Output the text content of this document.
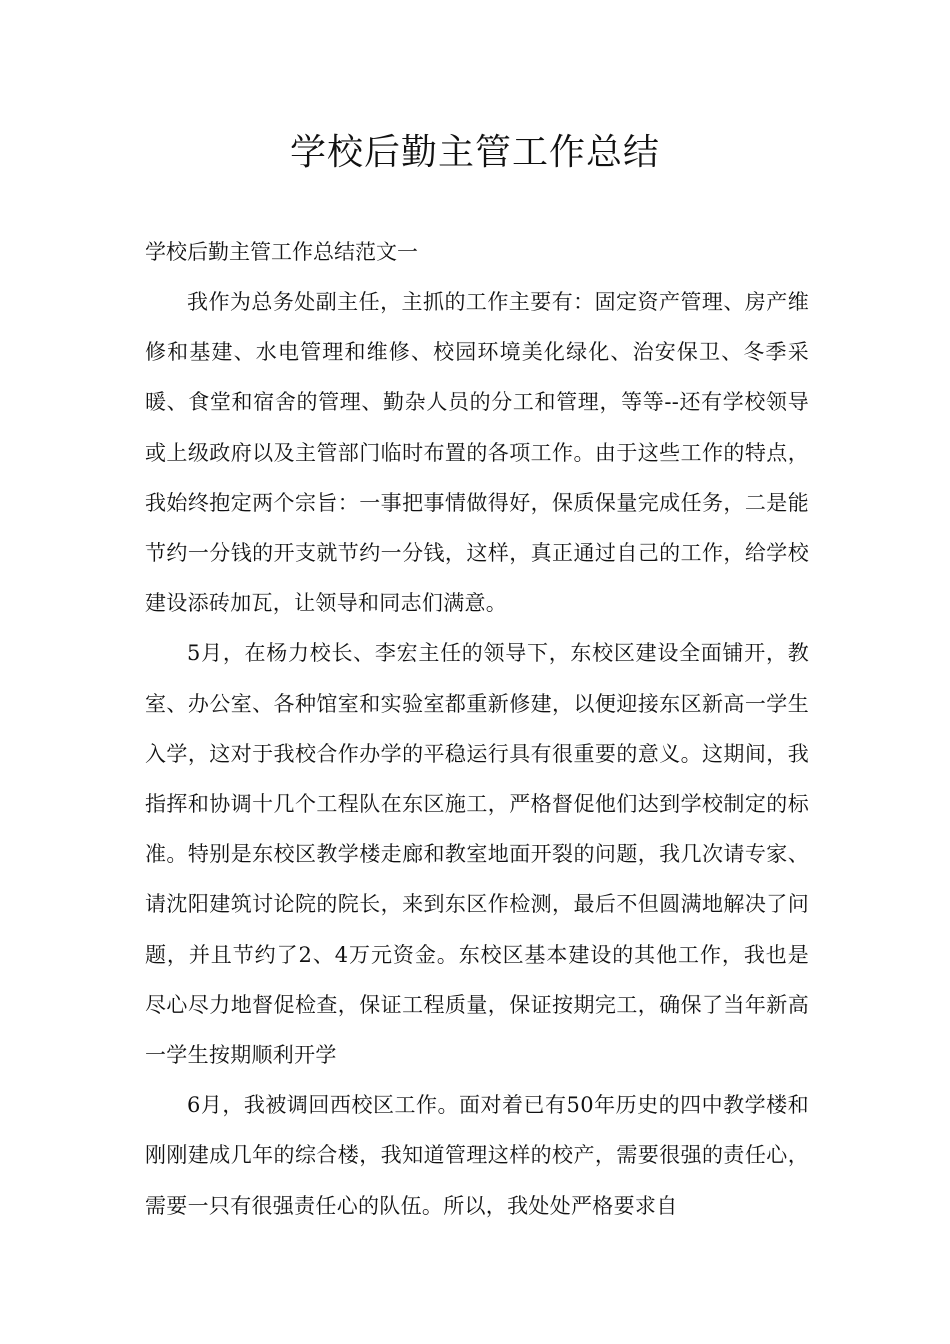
学校后勤主管工作总结

学校后勤主管工作总结范文一

我作为总务处副主任，主抓的工作主要有：固定资产管理、房产维修和基建、水电管理和维修、校园环境美化绿化、治安保卫、冬季采暖、食堂和宿舍的管理、勤杂人员的分工和管理，等等--还有学校领导或上级政府以及主管部门临时布置的各项工作。由于这些工作的特点，我始终抱定两个宗旨：一事把事情做得好，保质保量完成任务，二是能节约一分钱的开支就节约一分钱，这样，真正通过自己的工作，给学校建设添砖加瓦，让领导和同志们满意。

5月，在杨力校长、李宏主任的领导下，东校区建设全面铺开，教室、办公室、各种馆室和实验室都重新修建，以便迎接东区新高一学生入学，这对于我校合作办学的平稳运行具有很重要的意义。这期间，我指挥和协调十几个工程队在东区施工，严格督促他们达到学校制定的标准。特别是东校区教学楼走廊和教室地面开裂的问题，我几次请专家、请沈阳建筑讨论院的院长，来到东区作检测，最后不但圆满地解决了问题，并且节约了2、4万元资金。东校区基本建设的其他工作，我也是尽心尽力地督促检查，保证工程质量，保证按期完工，确保了当年新高一学生按期顺利开学

6月，我被调回西校区工作。面对着已有50年历史的四中教学楼和刚刚建成几年的综合楼，我知道管理这样的校产，需要很强的责任心，需要一只有很强责任心的队伍。所以，我处处严格要求自
